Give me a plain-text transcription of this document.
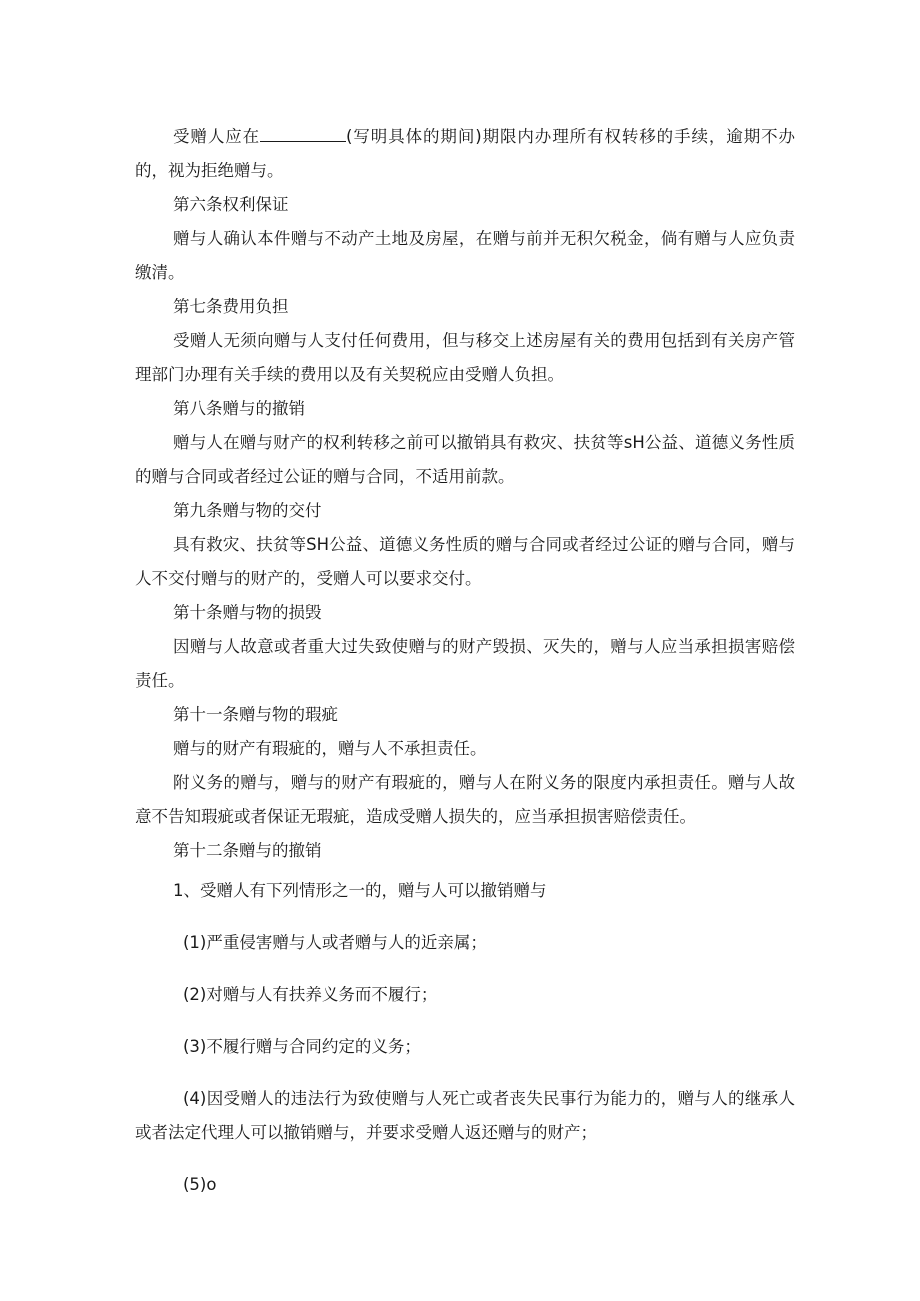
受赠人应在	(写明具体的期间)期限内办理所有权转移的手续，逾期不办的，视为拒绝赠与。

第六条权利保证

赠与人确认本件赠与不动产土地及房屋，在赠与前并无积欠税金，倘有赠与人应负责缴清。

第七条费用负担

受赠人无须向赠与人支付任何费用，但与移交上述房屋有关的费用包括到有关房产管理部门办理有关手续的费用以及有关契税应由受赠人负担。

第八条赠与的撤销

赠与人在赠与财产的权利转移之前可以撤销具有救灾、扶贫等sH公益、道德义务性质的赠与合同或者经过公证的赠与合同，不适用前款。

第九条赠与物的交付

具有救灾、扶贫等SH公益、道德义务性质的赠与合同或者经过公证的赠与合同，赠与人不交付赠与的财产的，受赠人可以要求交付。

第十条赠与物的损毁

因赠与人故意或者重大过失致使赠与的财产毁损、灭失的，赠与人应当承担损害赔偿责任。

第十一条赠与物的瑕疵

赠与的财产有瑕疵的，赠与人不承担责任。

附义务的赠与，赠与的财产有瑕疵的，赠与人在附义务的限度内承担责任。赠与人故意不告知瑕疵或者保证无瑕疵，造成受赠人损失的，应当承担损害赔偿责任。

第十二条赠与的撤销

1、受赠人有下列情形之一的，赠与人可以撤销赠与

(1)严重侵害赠与人或者赠与人的近亲属；

(2)对赠与人有扶养义务而不履行；

(3)不履行赠与合同约定的义务；

(4)因受赠人的违法行为致使赠与人死亡或者丧失民事行为能力的，赠与人的继承人或者法定代理人可以撤销赠与，并要求受赠人返还赠与的财产；

(5)o
